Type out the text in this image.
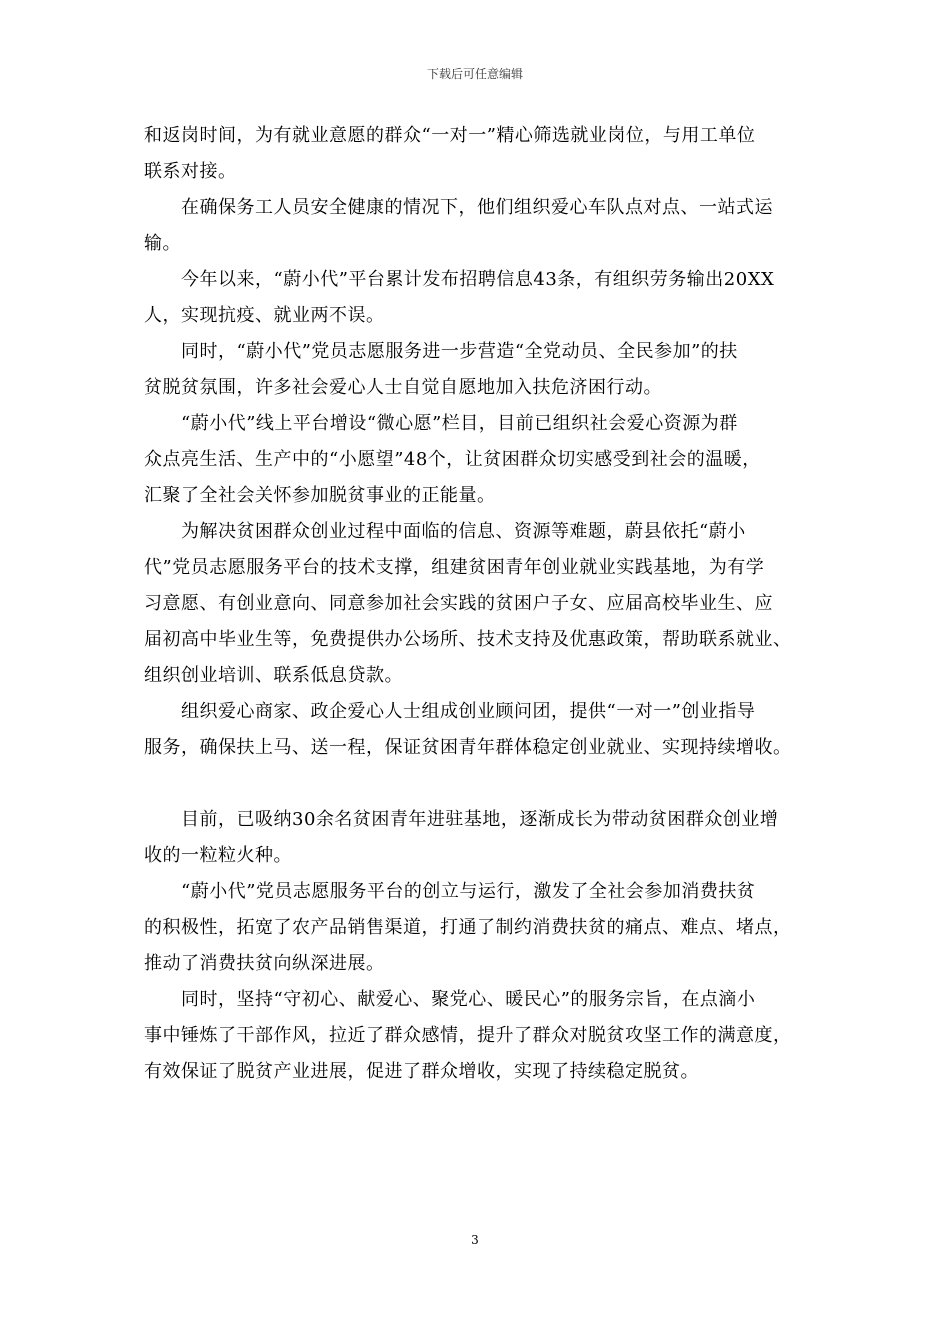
下载后可任意编辑

和返岗时间，为有就业意愿的群众“一对一”精心筛选就业岗位，与用工单位
联系对接。

　　在确保务工人员安全健康的情况下，他们组织爱心车队点对点、一站式运
输。

　　今年以来，“蔚小代”平台累计发布招聘信息43条，有组织劳务输出20XX
人，实现抗疫、就业两不误。

　　同时，“蔚小代”党员志愿服务进一步营造“全党动员、全民参加”的扶
贫脱贫氛围，许多社会爱心人士自觉自愿地加入扶危济困行动。

　　“蔚小代”线上平台增设“微心愿”栏目，目前已组织社会爱心资源为群
众点亮生活、生产中的“小愿望”48个，让贫困群众切实感受到社会的温暖，
汇聚了全社会关怀参加脱贫事业的正能量。

　　为解决贫困群众创业过程中面临的信息、资源等难题，蔚县依托“蔚小
代”党员志愿服务平台的技术支撑，组建贫困青年创业就业实践基地，为有学
习意愿、有创业意向、同意参加社会实践的贫困户子女、应届高校毕业生、应
届初高中毕业生等，免费提供办公场所、技术支持及优惠政策，帮助联系就业、
组织创业培训、联系低息贷款。

　　组织爱心商家、政企爱心人士组成创业顾问团，提供“一对一”创业指导
服务，确保扶上马、送一程，保证贫困青年群体稳定创业就业、实现持续增收。

　　目前，已吸纳30余名贫困青年进驻基地，逐渐成长为带动贫困群众创业增
收的一粒粒火种。

　　“蔚小代”党员志愿服务平台的创立与运行，激发了全社会参加消费扶贫
的积极性，拓宽了农产品销售渠道，打通了制约消费扶贫的痛点、难点、堵点，
推动了消费扶贫向纵深进展。

　　同时，坚持“守初心、献爱心、聚党心、暖民心”的服务宗旨，在点滴小
事中锤炼了干部作风，拉近了群众感情，提升了群众对脱贫攻坚工作的满意度，
有效保证了脱贫产业进展，促进了群众增收，实现了持续稳定脱贫。

3
